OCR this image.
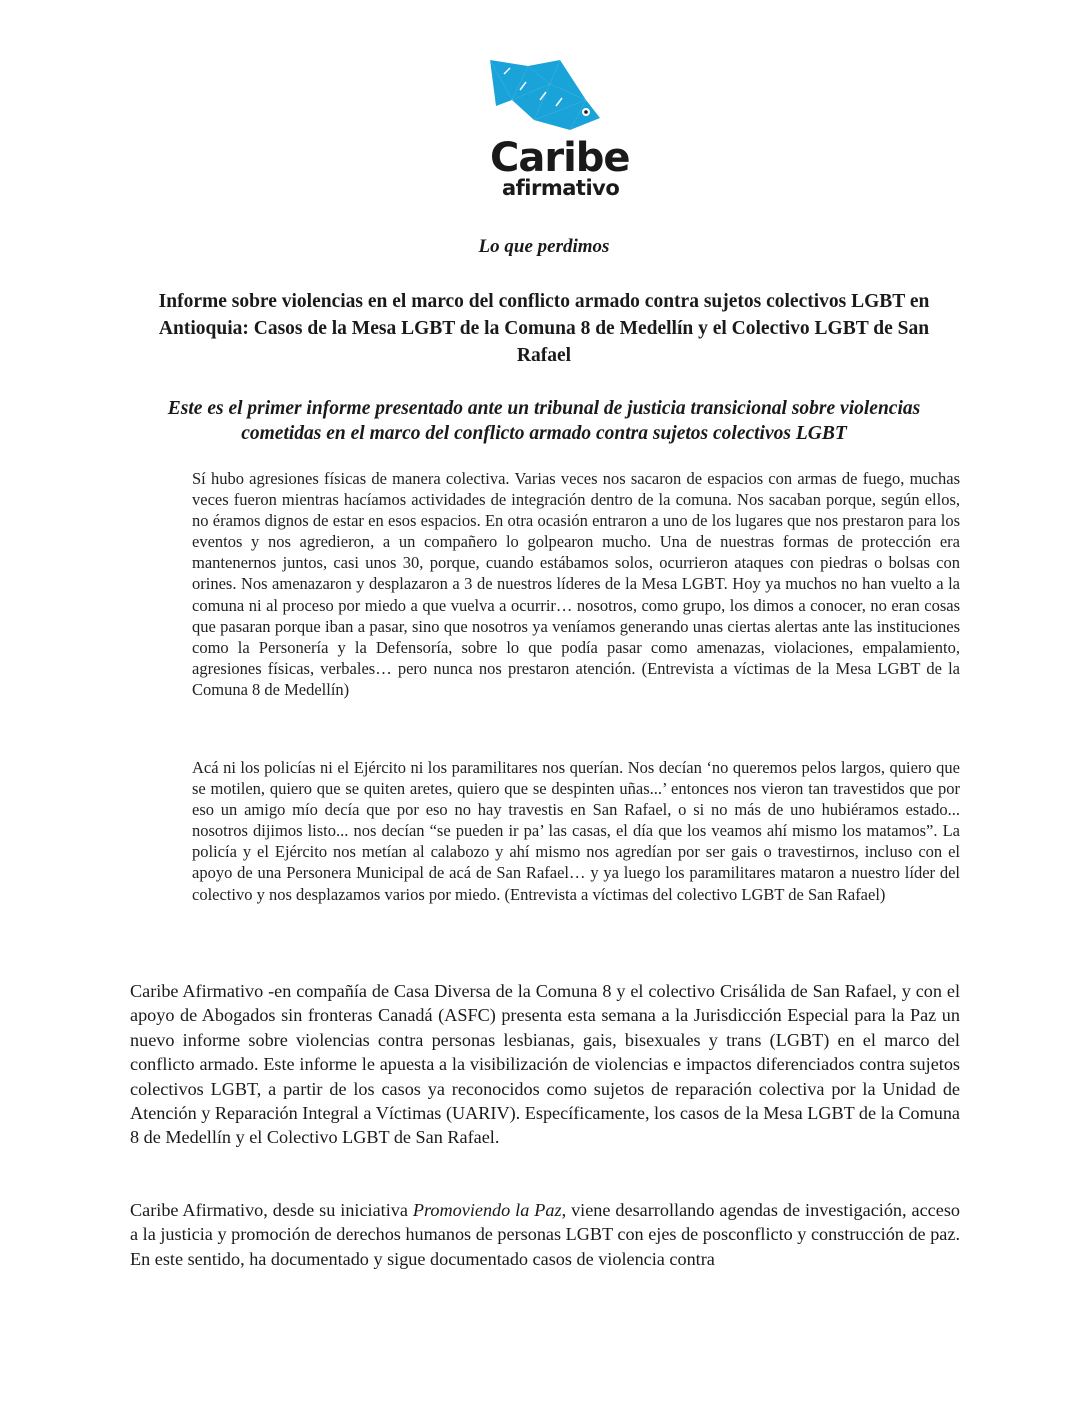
Caribe
afirmativo
Lo que perdimos
Informe sobre violencias en el marco del conflicto armado contra sujetos colectivos LGBT en Antioquia: Casos de la Mesa LGBT de la Comuna 8 de Medellín y el Colectivo LGBT de San Rafael
Este es el primer informe presentado ante un tribunal de justicia transicional sobre violencias cometidas en el marco del conflicto armado contra sujetos colectivos LGBT

Sí hubo agresiones físicas de manera colectiva. Varias veces nos sacaron de espacios con armas de fuego, muchas veces fueron mientras hacíamos actividades de integración dentro de la comuna. Nos sacaban porque, según ellos, no éramos dignos de estar en esos espacios. En otra ocasión entraron a uno de los lugares que nos prestaron para los eventos y nos agredieron, a un compañero lo golpearon mucho. Una de nuestras formas de protección era mantenernos juntos, casi unos 30, porque, cuando estábamos solos, ocurrieron ataques con piedras o bolsas con orines. Nos amenazaron y desplazaron a 3 de nuestros líderes de la Mesa LGBT. Hoy ya muchos no han vuelto a la comuna ni al proceso por miedo a que vuelva a ocurrir… nosotros, como grupo, los dimos a conocer, no eran cosas que pasaran porque iban a pasar, sino que nosotros ya veníamos generando unas ciertas alertas ante las instituciones como la Personería y la Defensoría, sobre lo que podía pasar como amenazas, violaciones, empalamiento, agresiones físicas, verbales… pero nunca nos prestaron atención. (Entrevista a víctimas de la Mesa LGBT de la Comuna 8 de Medellín)

Acá ni los policías ni el Ejército ni los paramilitares nos querían. Nos decían ‘no queremos pelos largos, quiero que se motilen, quiero que se quiten aretes, quiero que se despinten uñas...’ entonces nos vieron tan travestidos que por eso un amigo mío decía que por eso no hay travestis en San Rafael, o si no más de uno hubiéramos estado... nosotros dijimos listo... nos decían “se pueden ir pa’ las casas, el día que los veamos ahí mismo los matamos”. La policía y el Ejército nos metían al calabozo y ahí mismo nos agredían por ser gais o travestirnos, incluso con el apoyo de una Personera Municipal de acá de San Rafael… y ya luego los paramilitares mataron a nuestro líder del colectivo y nos desplazamos varios por miedo. (Entrevista a víctimas del colectivo LGBT de San Rafael)

Caribe Afirmativo -en compañía de Casa Diversa de la Comuna 8 y el colectivo Crisálida de San Rafael, y con el apoyo de Abogados sin fronteras Canadá (ASFC) presenta esta semana a la Jurisdicción Especial para la Paz un nuevo informe sobre violencias contra personas lesbianas, gais, bisexuales y trans (LGBT) en el marco del conflicto armado. Este informe le apuesta a la visibilización de violencias e impactos diferenciados contra sujetos colectivos LGBT, a partir de los casos ya reconocidos como sujetos de reparación colectiva por la Unidad de Atención y Reparación Integral a Víctimas (UARIV). Específicamente, los casos de la Mesa LGBT de la Comuna 8 de Medellín y el Colectivo LGBT de San Rafael.

Caribe Afirmativo, desde su iniciativa Promoviendo la Paz, viene desarrollando agendas de investigación, acceso a la justicia y promoción de derechos humanos de personas LGBT con ejes de posconflicto y construcción de paz. En este sentido, ha documentado y sigue documentado casos de violencia contra
